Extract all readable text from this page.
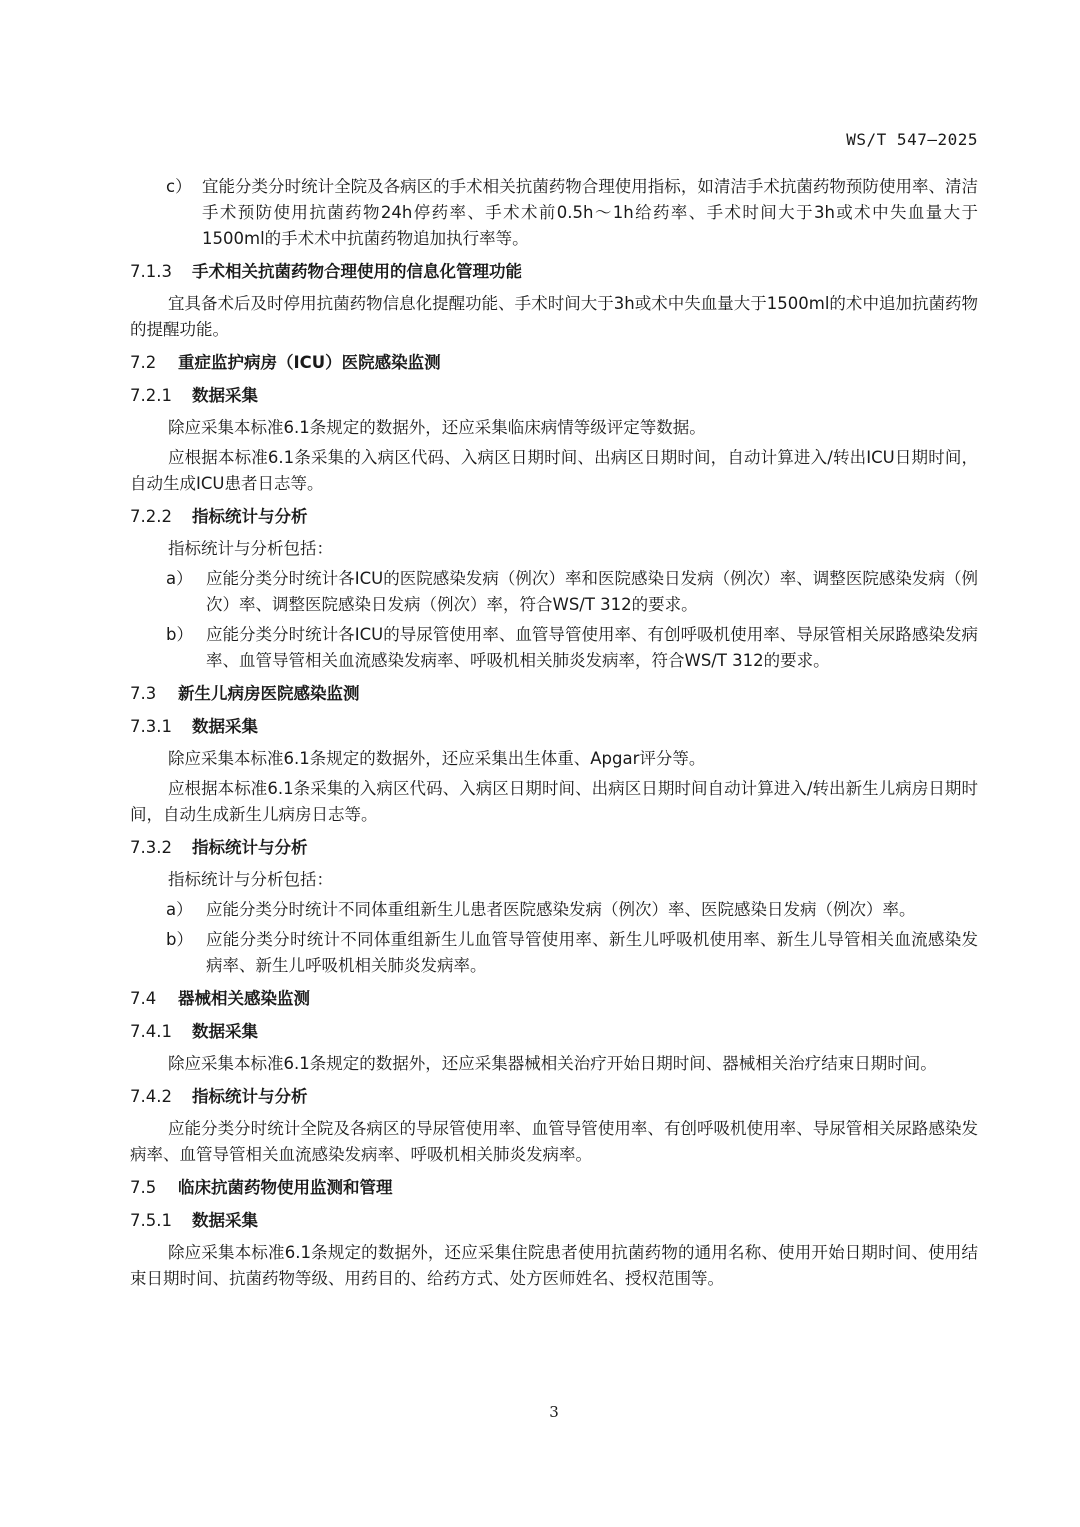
WS/T 547—2025
c） 宜能分类分时统计全院及各病区的手术相关抗菌药物合理使用指标，如清洁手术抗菌药物预防使用率、清洁手术预防使用抗菌药物24h停药率、手术术前0.5h～1h给药率、手术时间大于3h或术中失血量大于1500ml的手术术中抗菌药物追加执行率等。
7.1.3 手术相关抗菌药物合理使用的信息化管理功能
宜具备术后及时停用抗菌药物信息化提醒功能、手术时间大于3h或术中失血量大于1500ml的术中追加抗菌药物的提醒功能。
7.2 重症监护病房（ICU）医院感染监测
7.2.1 数据采集
除应采集本标准6.1条规定的数据外，还应采集临床病情等级评定等数据。
应根据本标准6.1条采集的入病区代码、入病区日期时间、出病区日期时间，自动计算进入/转出ICU日期时间，自动生成ICU患者日志等。
7.2.2 指标统计与分析
指标统计与分析包括：
a） 应能分类分时统计各ICU的医院感染发病（例次）率和医院感染日发病（例次）率、调整医院感染发病（例次）率、调整医院感染日发病（例次）率，符合WS/T 312的要求。
b） 应能分类分时统计各ICU的导尿管使用率、血管导管使用率、有创呼吸机使用率、导尿管相关尿路感染发病率、血管导管相关血流感染发病率、呼吸机相关肺炎发病率，符合WS/T 312的要求。
7.3 新生儿病房医院感染监测
7.3.1 数据采集
除应采集本标准6.1条规定的数据外，还应采集出生体重、Apgar评分等。
应根据本标准6.1条采集的入病区代码、入病区日期时间、出病区日期时间自动计算进入/转出新生儿病房日期时间，自动生成新生儿病房日志等。
7.3.2 指标统计与分析
指标统计与分析包括：
a） 应能分类分时统计不同体重组新生儿患者医院感染发病（例次）率、医院感染日发病（例次）率。
b） 应能分类分时统计不同体重组新生儿血管导管使用率、新生儿呼吸机使用率、新生儿导管相关血流感染发病率、新生儿呼吸机相关肺炎发病率。
7.4 器械相关感染监测
7.4.1 数据采集
除应采集本标准6.1条规定的数据外，还应采集器械相关治疗开始日期时间、器械相关治疗结束日期时间。
7.4.2 指标统计与分析
应能分类分时统计全院及各病区的导尿管使用率、血管导管使用率、有创呼吸机使用率、导尿管相关尿路感染发病率、血管导管相关血流感染发病率、呼吸机相关肺炎发病率。
7.5 临床抗菌药物使用监测和管理
7.5.1 数据采集
除应采集本标准6.1条规定的数据外，还应采集住院患者使用抗菌药物的通用名称、使用开始日期时间、使用结束日期时间、抗菌药物等级、用药目的、给药方式、处方医师姓名、授权范围等。
3
